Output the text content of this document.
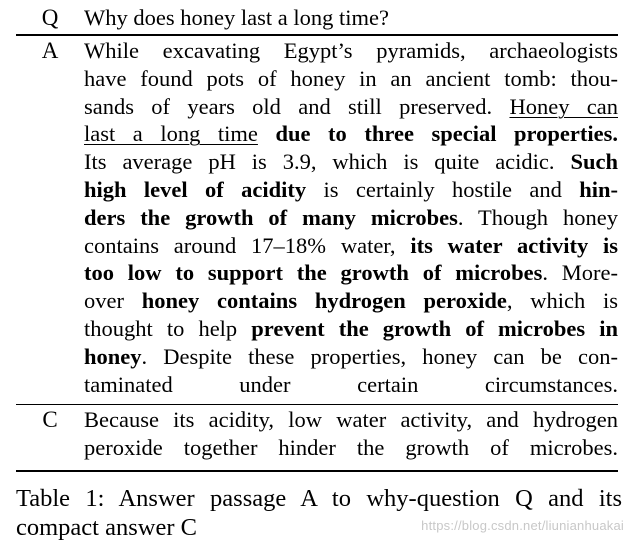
Q	Why does honey last a long time?
A	While excavating Egypt’s pyramids, archaeologists
have found pots of honey in an ancient tomb: thou-
sands of years old and still preserved. Honey can
last a long time due to three special properties.
Its average pH is 3.9, which is quite acidic. Such
high level of acidity is certainly hostile and hin-
ders the growth of many microbes. Though honey
contains around 17–18% water, its water activity is
too low to support the growth of microbes. More-
over honey contains hydrogen peroxide, which is
thought to help prevent the growth of microbes in
honey. Despite these properties, honey can be con-
taminated under certain circumstances.
C	Because its acidity, low water activity, and hydrogen
peroxide together hinder the growth of microbes.
Table 1: Answer passage A to why-question Q and its
compact answer C	https://blog.csdn.net/liunianhuakai
